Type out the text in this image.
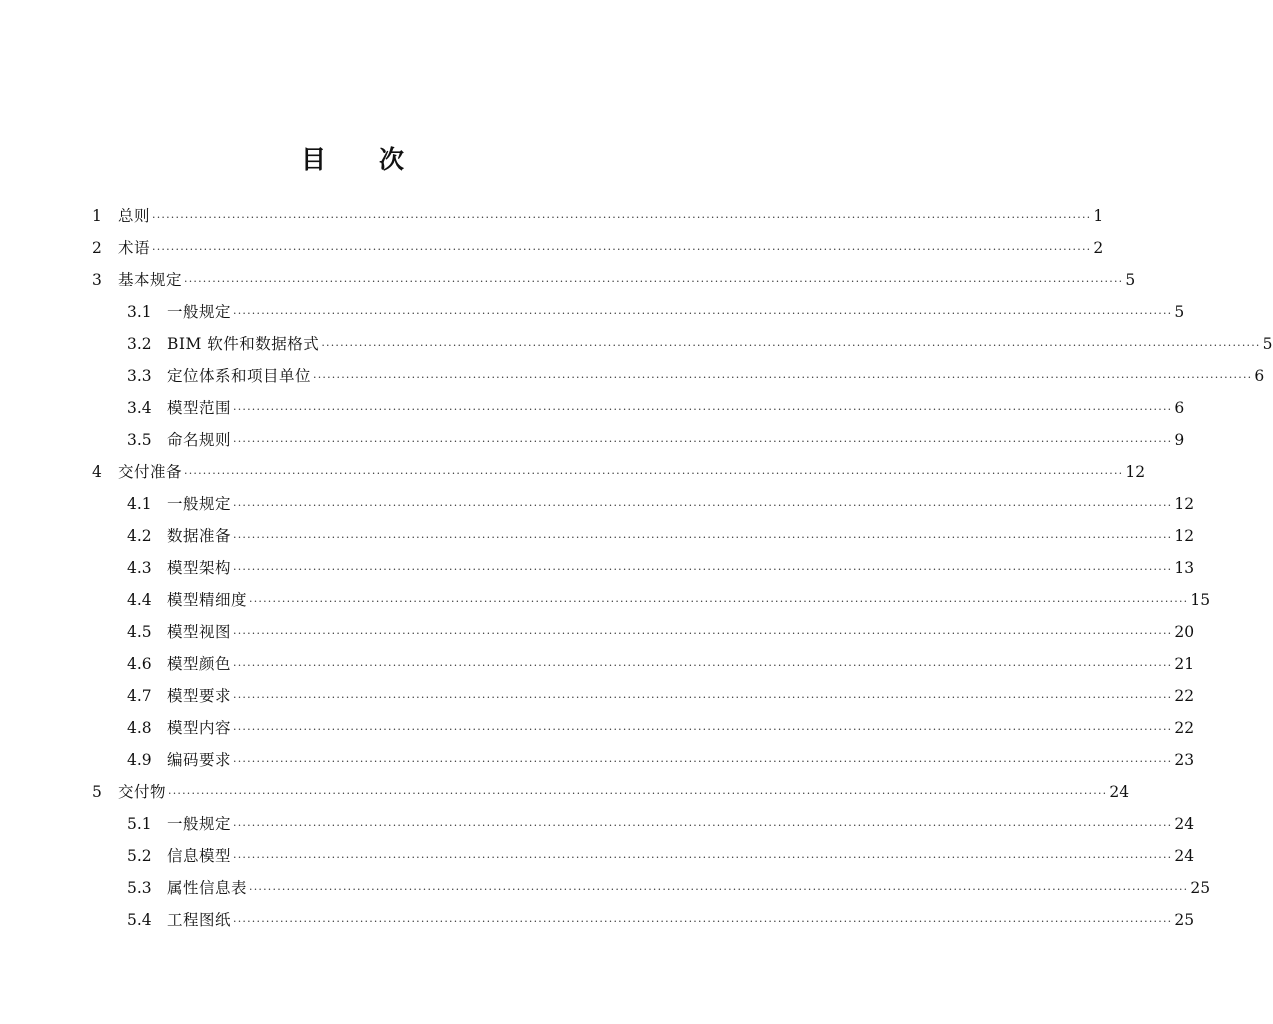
目 次
1	总则 ········································································································································································································ 1
2	术语 ········································································································································································································ 2
3	基本规定 ········································································································································································································ 5
3.1 一般规定 ········································································································································································································ 5
3.2 BIM 软件和数据格式 ········································································································································································································ 5
3.3 定位体系和项目单位 ········································································································································································································ 6
3.4 模型范围 ········································································································································································································ 6
3.5 命名规则 ········································································································································································································ 9
4	交付准备 ········································································································································································································ 12
4.1 一般规定 ········································································································································································································ 12
4.2 数据准备 ········································································································································································································ 12
4.3 模型架构 ········································································································································································································ 13
4.4 模型精细度 ········································································································································································································ 15
4.5 模型视图 ········································································································································································································ 20
4.6 模型颜色 ········································································································································································································ 21
4.7 模型要求 ········································································································································································································ 22
4.8 模型内容 ········································································································································································································ 22
4.9 编码要求 ········································································································································································································ 23
5	交付物 ········································································································································································································ 24
5.1 一般规定 ········································································································································································································ 24
5.2 信息模型 ········································································································································································································ 24
5.3 属性信息表 ········································································································································································································ 25
5.4 工程图纸 ········································································································································································································ 25
